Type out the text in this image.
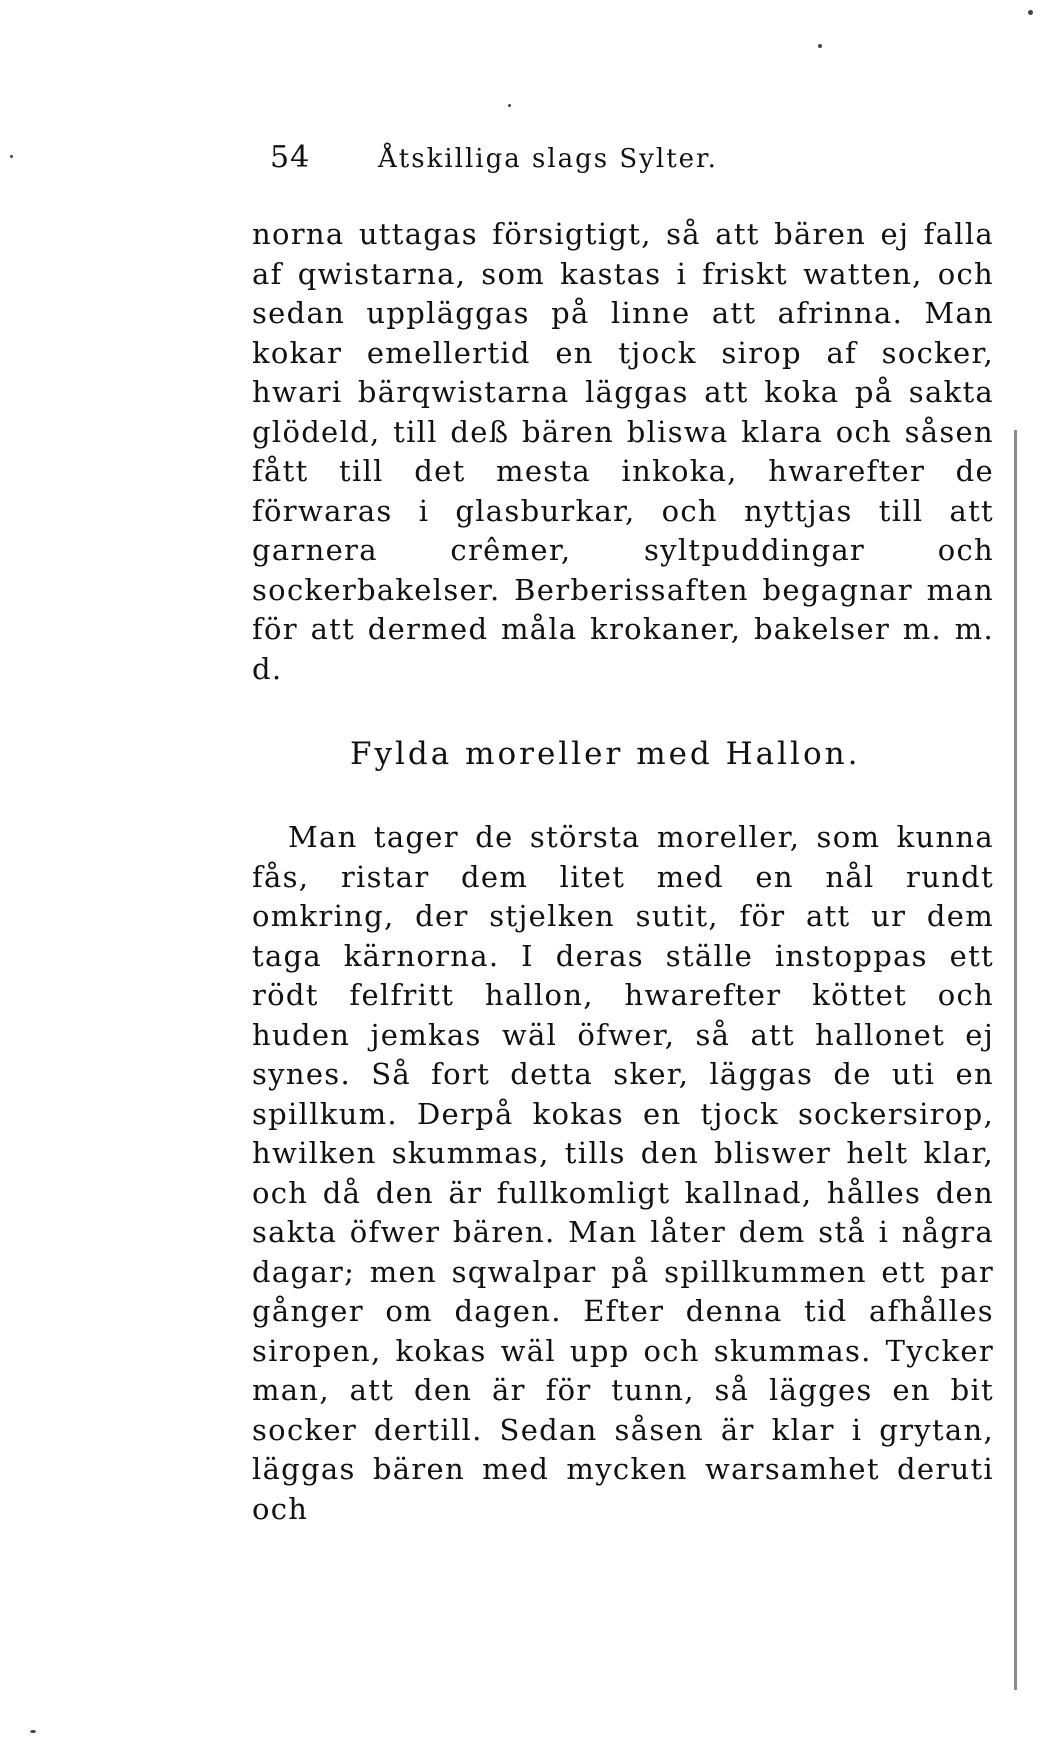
54	Åtskilliga slags Sylter.

norna uttagas försigtigt, så att bären ej falla af qwistarna, som kastas i friskt watten, och sedan uppläggas på linne att afrinna. Man kokar emellertid en tjock sirop af socker, hwari bärqwistarna läggas att koka på sakta glödeld, till deß bären bliswa klara och såsen fått till det mesta inkoka, hwarefter de förwaras i glasburkar, och nyttjas till att garnera crêmer, syltpuddingar och sockerbakelser. Berberissaften begagnar man för att dermed måla krokaner, bakelser m. m. d.

Fylda moreller med Hallon.

Man tager de största moreller, som kunna fås, ristar dem litet med en nål rundt omkring, der stjelken sutit, för att ur dem taga kärnorna. I deras ställe instoppas ett rödt felfritt hallon, hwarefter köttet och huden jemkas wäl öfwer, så att hallonet ej synes. Så fort detta sker, läggas de uti en spillkum. Derpå kokas en tjock sockersirop, hwilken skummas, tills den bliswer helt klar, och då den är fullkomligt kallnad, hålles den sakta öfwer bären. Man låter dem stå i några dagar; men sqwalpar på spillkummen ett par gånger om dagen. Efter denna tid afhålles siropen, kokas wäl upp och skummas. Tycker man, att den är för tunn, så lägges en bit socker dertill. Sedan såsen är klar i grytan, läggas bären med mycken warsamhet deruti och
